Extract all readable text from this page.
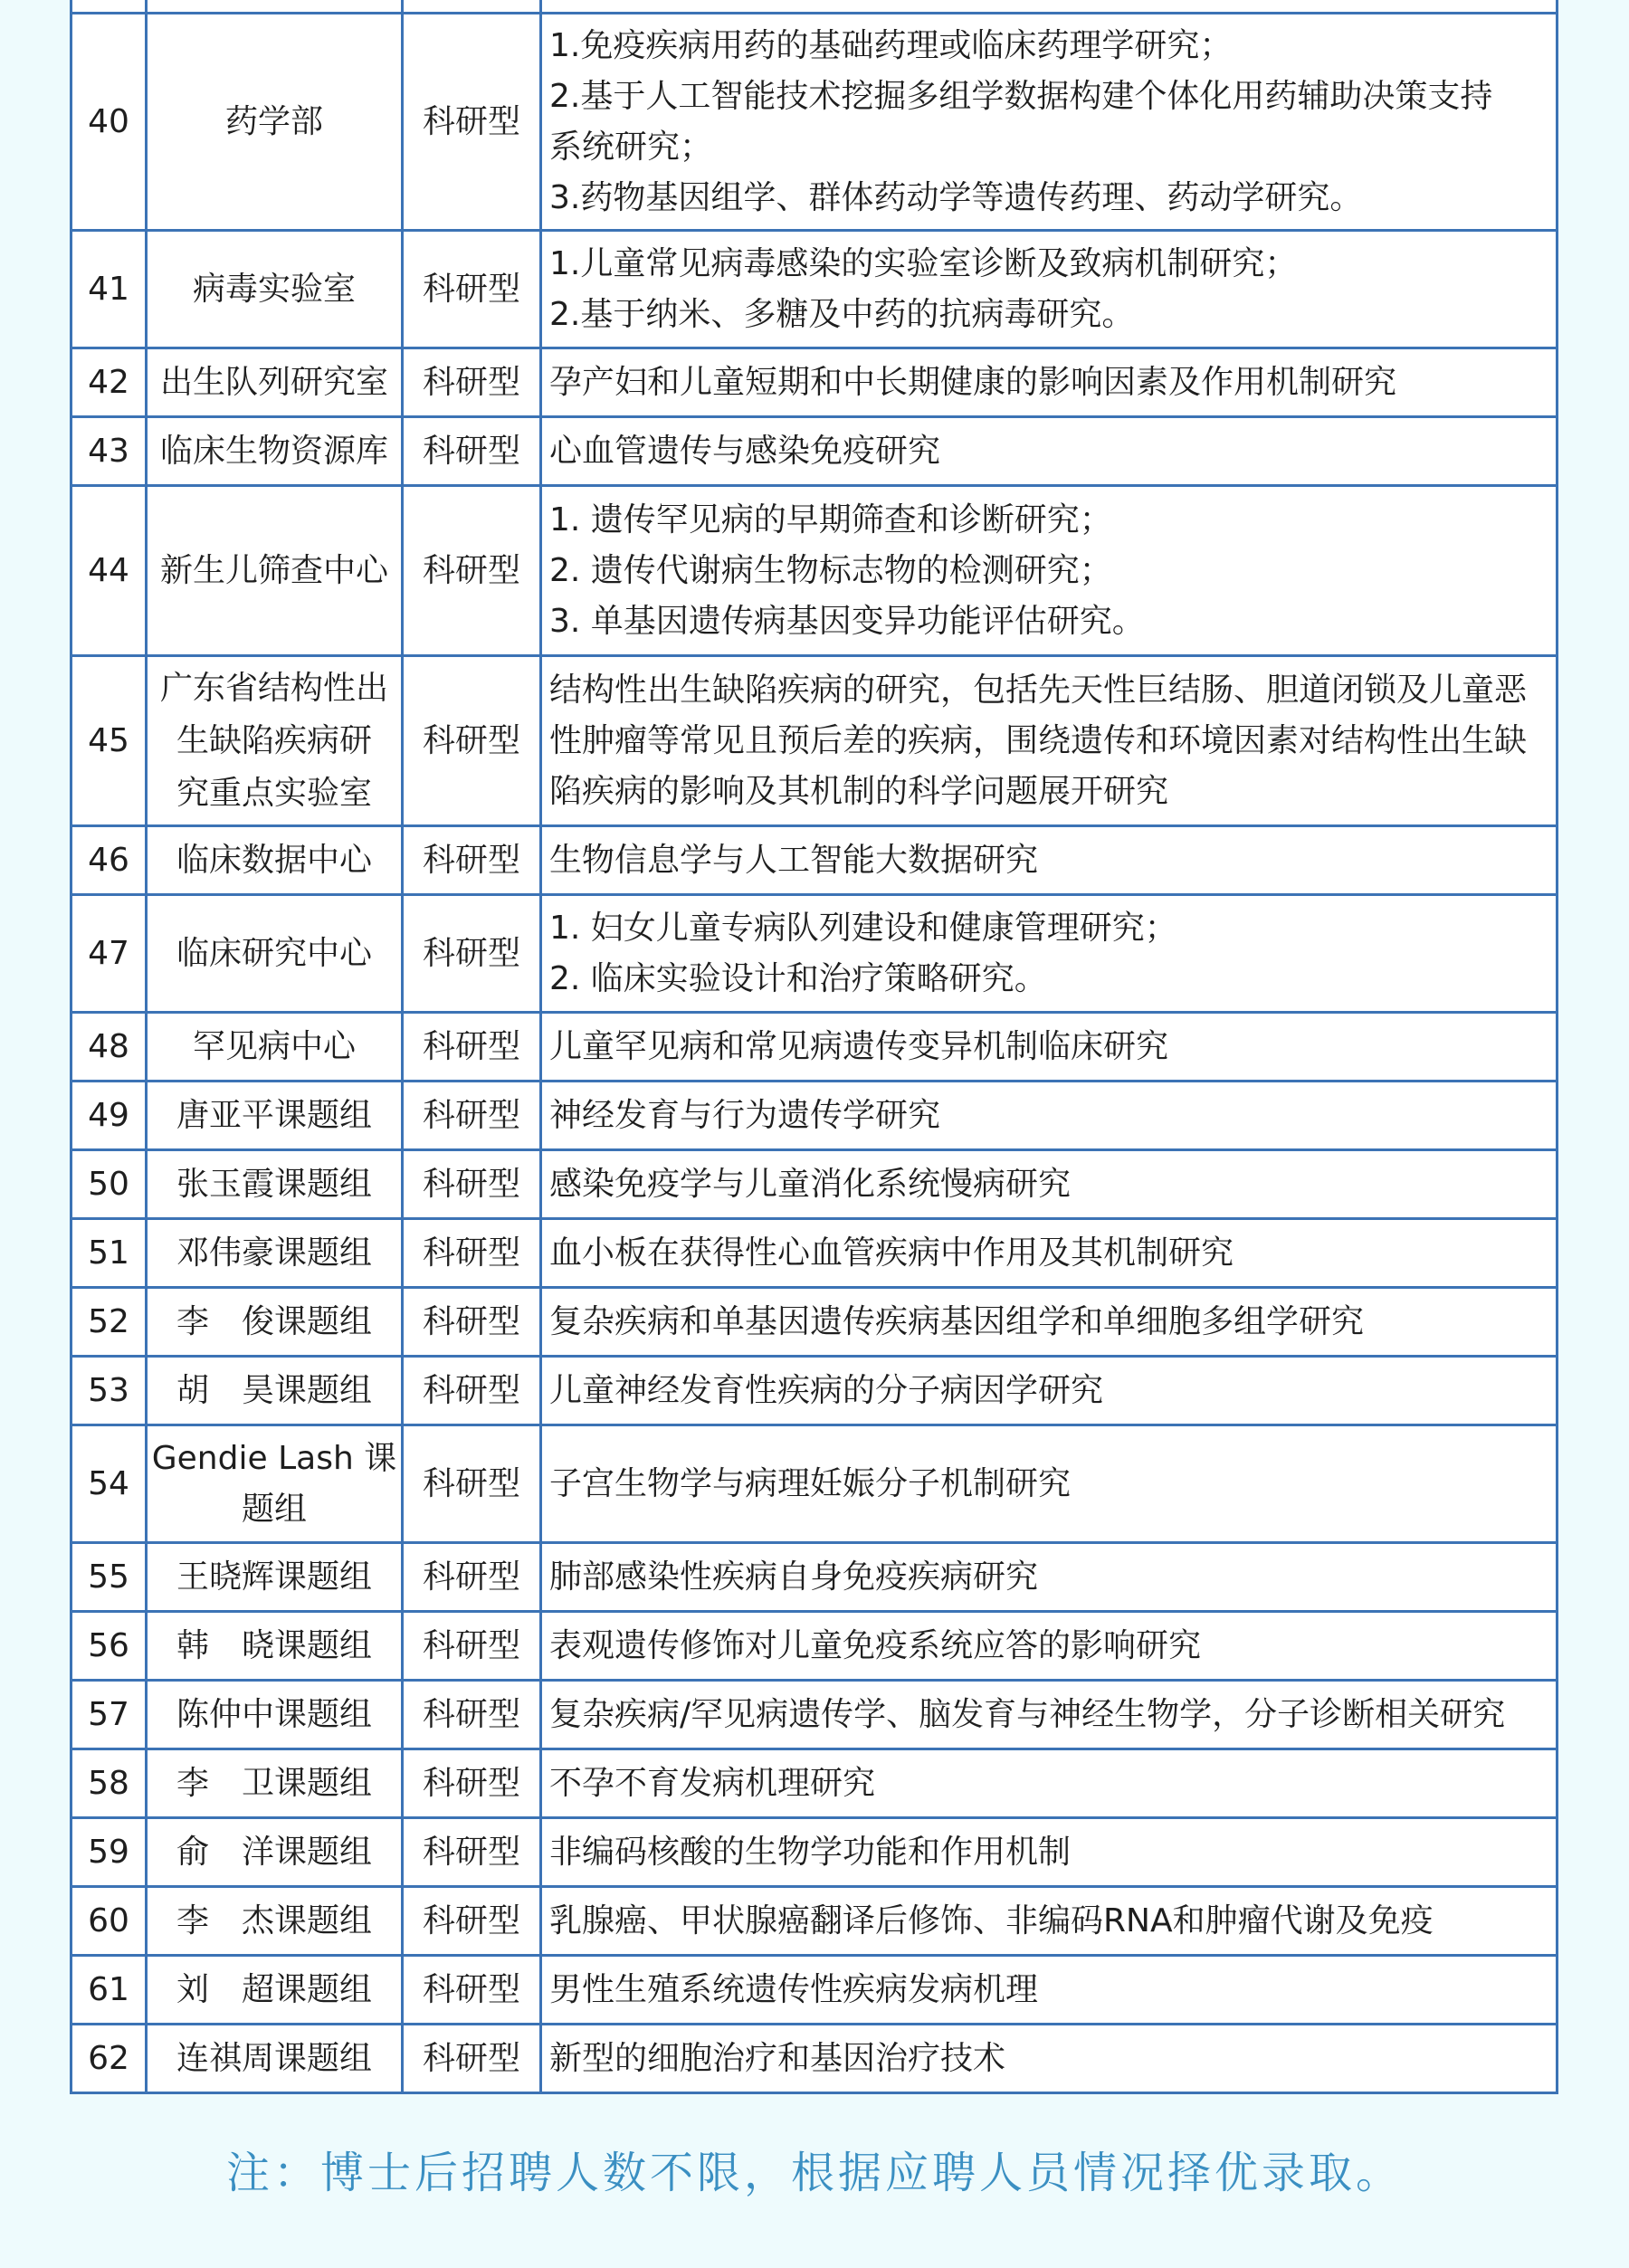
40	药学部	科研型	1.免疫疾病用药的基础药理或临床药理学研究；
2.基于人工智能技术挖掘多组学数据构建个体化用药辅助决策支持系统研究；
3.药物基因组学、群体药动学等遗传药理、药动学研究。

41	病毒实验室	科研型	1.儿童常见病毒感染的实验室诊断及致病机制研究；
2.基于纳米、多糖及中药的抗病毒研究。

42	出生队列研究室	科研型	孕产妇和儿童短期和中长期健康的影响因素及作用机制研究

43	临床生物资源库	科研型	心血管遗传与感染免疫研究

44	新生儿筛查中心	科研型	1. 遗传罕见病的早期筛查和诊断研究；
2. 遗传代谢病生物标志物的检测研究；
3. 单基因遗传病基因变异功能评估研究。

45	广东省结构性出
生缺陷疾病研
究重点实验室	科研型	结构性出生缺陷疾病的研究，包括先天性巨结肠、胆道闭锁及儿童恶性肿瘤等常见且预后差的疾病，围绕遗传和环境因素对结构性出生缺陷疾病的影响及其机制的科学问题展开研究

46	临床数据中心	科研型	生物信息学与人工智能大数据研究

47	临床研究中心	科研型	1. 妇女儿童专病队列建设和健康管理研究；
2. 临床实验设计和治疗策略研究。

48	罕见病中心	科研型	儿童罕见病和常见病遗传变异机制临床研究

49	唐亚平课题组	科研型	神经发育与行为遗传学研究

50	张玉霞课题组	科研型	感染免疫学与儿童消化系统慢病研究

51	邓伟豪课题组	科研型	血小板在获得性心血管疾病中作用及其机制研究

52	李　俊课题组	科研型	复杂疾病和单基因遗传疾病基因组学和单细胞多组学研究

53	胡　昊课题组	科研型	儿童神经发育性疾病的分子病因学研究

54	Gendie Lash 课题组	科研型	子宫生物学与病理妊娠分子机制研究

55	王晓辉课题组	科研型	肺部感染性疾病自身免疫疾病研究

56	韩　晓课题组	科研型	表观遗传修饰对儿童免疫系统应答的影响研究

57	陈仲中课题组	科研型	复杂疾病/罕见病遗传学、脑发育与神经生物学，分子诊断相关研究

58	李　卫课题组	科研型	不孕不育发病机理研究

59	俞　洋课题组	科研型	非编码核酸的生物学功能和作用机制

60	李　杰课题组	科研型	乳腺癌、甲状腺癌翻译后修饰、非编码RNA和肿瘤代谢及免疫

61	刘　超课题组	科研型	男性生殖系统遗传性疾病发病机理

62	连祺周课题组	科研型	新型的细胞治疗和基因治疗技术
注：博士后招聘人数不限，根据应聘人员情况择优录取。
